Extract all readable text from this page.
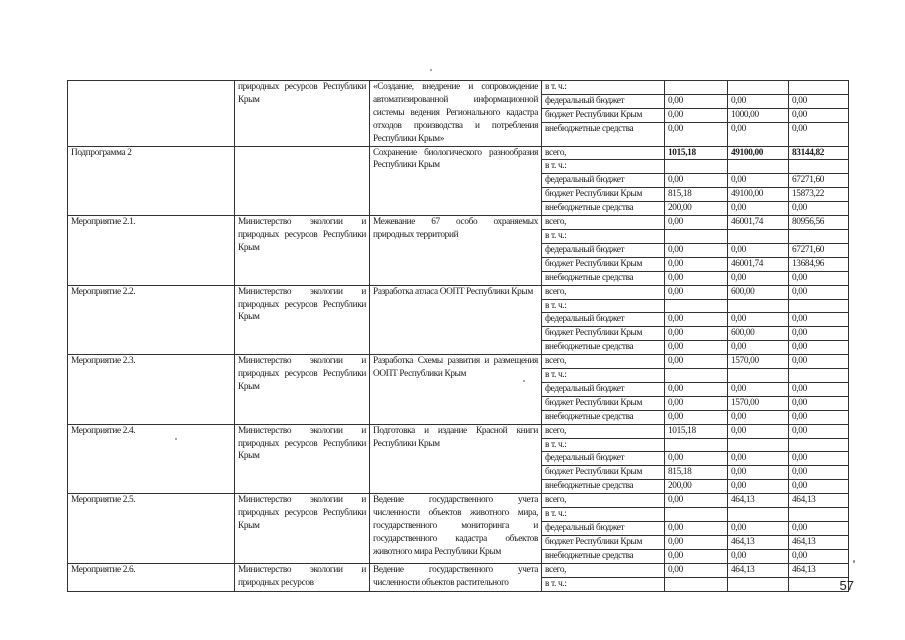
	природных ресурсов Республики Крым	«Создание, внедрение и сопровождение автоматизированной информационной системы ведения Регионального кадастра отходов производства и потребления Республики Крым»	в т. ч.:			
			федеральный бюджет	0,00	0,00	0,00
			бюджет Республики Крым	0,00	1000,00	0,00
			внебюджетные средства	0,00	0,00	0,00
Подпрограмма 2		Сохранение биологического разнообразия Республики Крым	всего,	1015,18	49100,00	83144,82
			в т. ч.:			
			федеральный бюджет	0,00	0,00	67271,60
			бюджет Республики Крым	815,18	49100,00	15873,22
			внебюджетные средства	200,00	0,00	0,00
Мероприятие 2.1.	Министерство экологии и природных ресурсов Республики Крым	Межевание 67 особо охраняемых природных территорий	всего,	0,00	46001,74	80956,56
			в т. ч.:			
			федеральный бюджет	0,00	0,00	67271,60
			бюджет Республики Крым	0,00	46001,74	13684,96
			внебюджетные средства	0,00	0,00	0,00
Мероприятие 2.2.	Министерство экологии и природных ресурсов Республики Крым	Разработка атласа ООПТ Республики Крым	всего,	0,00	600,00	0,00
			в т. ч.:			
			федеральный бюджет	0,00	0,00	0,00
			бюджет Республики Крым	0,00	600,00	0,00
			внебюджетные средства	0,00	0,00	0,00
Мероприятие 2.3.	Министерство экологии и природных ресурсов Республики Крым	Разработка Схемы развития и размещения ООПТ Республики Крым	всего,	0,00	1570,00	0,00
			в т. ч.:			
			федеральный бюджет	0,00	0,00	0,00
			бюджет Республики Крым	0,00	1570,00	0,00
			внебюджетные средства	0,00	0,00	0,00
Мероприятие 2.4.	Министерство экологии и природных ресурсов Республики Крым	Подготовка и издание Красной книги Республики Крым	всего,	1015,18	0,00	0,00
			в т. ч.:			
			федеральный бюджет	0,00	0,00	0,00
			бюджет Республики Крым	815,18	0,00	0,00
			внебюджетные средства	200,00	0,00	0,00
Мероприятие 2.5.	Министерство экологии и природных ресурсов Республики Крым	Ведение государственного учета численности объектов животного мира, государственного мониторинга и государственного кадастра объектов животного мира Республики Крым	всего,	0,00	464,13	464,13
			в т. ч.:			
			федеральный бюджет	0,00	0,00	0,00
			бюджет Республики Крым	0,00	464,13	464,13
			внебюджетные средства	0,00	0,00	0,00
Мероприятие 2.6.	Министерство экологии и природных ресурсов	Ведение государственного учета численности объектов растительного	всего,	0,00	464,13	464,13
			в т. ч.:				57
